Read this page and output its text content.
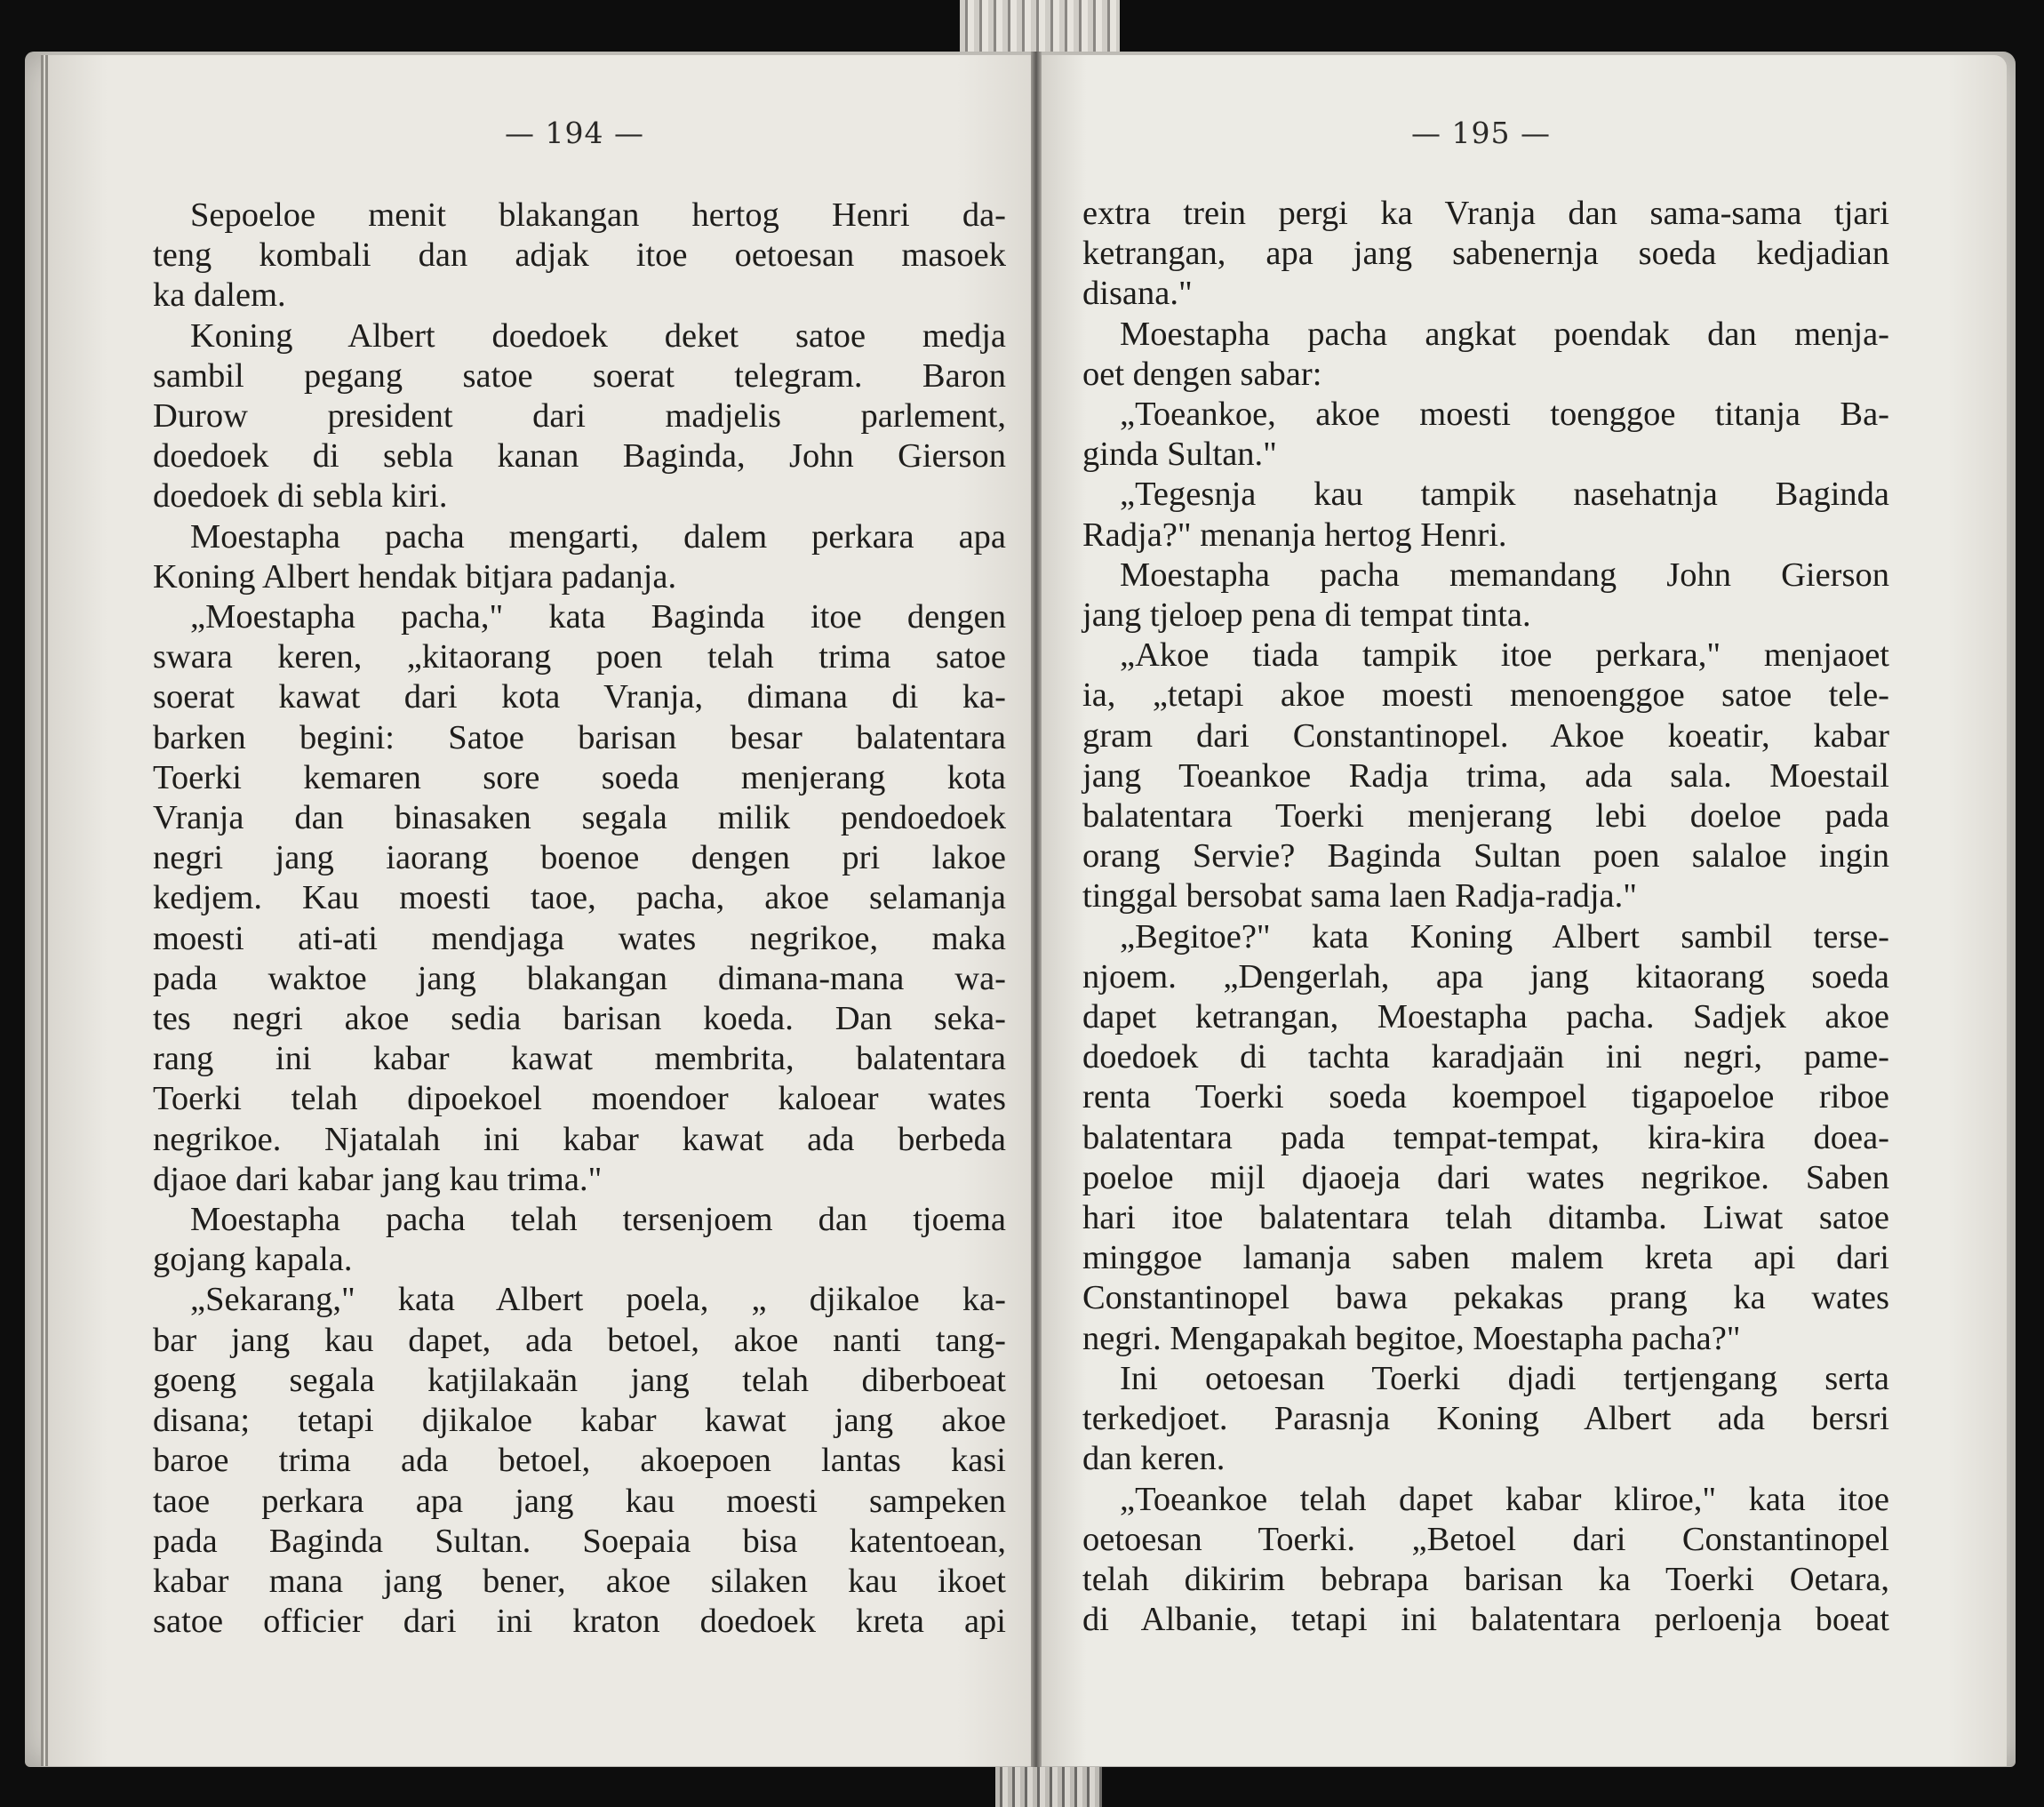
— 194 —	— 195 —
Sepoeloe menit blakangan hertog Henri da-
teng kombali dan adjak itoe oetoesan masoek
ka dalem.
Koning Albert doedoek deket satoe medja
sambil pegang satoe soerat telegram. Baron
Durow president dari madjelis parlement,
doedoek di sebla kanan Baginda, John Gierson
doedoek di sebla kiri.
Moestapha pacha mengarti, dalem perkara apa
Koning Albert hendak bitjara padanja.
„Moestapha pacha," kata Baginda itoe dengen
swara keren, „kitaorang poen telah trima satoe
soerat kawat dari kota Vranja, dimana di ka-
barken begini: Satoe barisan besar balatentara
Toerki kemaren sore soeda menjerang kota
Vranja dan binasaken segala milik pendoedoek
negri jang iaorang boenoe dengen pri lakoe
kedjem. Kau moesti taoe, pacha, akoe selamanja
moesti ati-ati mendjaga wates negrikoe, maka
pada waktoe jang blakangan dimana-mana wa-
tes negri akoe sedia barisan koeda. Dan seka-
rang ini kabar kawat membrita, balatentara
Toerki telah dipoekoel moendoer kaloear wates
negrikoe. Njatalah ini kabar kawat ada berbeda
djaoe dari kabar jang kau trima."
Moestapha pacha telah tersenjoem dan tjoema
gojang kapala.
„Sekarang," kata Albert poela, „ djikaloe ka-
bar jang kau dapet, ada betoel, akoe nanti tang-
goeng segala katjilakaän jang telah diberboeat
disana; tetapi djikaloe kabar kawat jang akoe
baroe trima ada betoel, akoepoen lantas kasi
taoe perkara apa jang kau moesti sampeken
pada Baginda Sultan. Soepaia bisa katentoean,
kabar mana jang bener, akoe silaken kau ikoet
satoe officier dari ini kraton doedoek kreta api
extra trein pergi ka Vranja dan sama-sama tjari
ketrangan, apa jang sabenernja soeda kedjadian
disana."
Moestapha pacha angkat poendak dan menja-
oet dengen sabar:
„Toeankoe, akoe moesti toenggoe titanja Ba-
ginda Sultan."
„Tegesnja kau tampik nasehatnja Baginda
Radja?" menanja hertog Henri.
Moestapha pacha memandang John Gierson
jang tjeloep pena di tempat tinta.
„Akoe tiada tampik itoe perkara," menjaoet
ia, „tetapi akoe moesti menoenggoe satoe tele-
gram dari Constantinopel. Akoe koeatir, kabar
jang Toeankoe Radja trima, ada sala. Moestail
balatentara Toerki menjerang lebi doeloe pada
orang Servie? Baginda Sultan poen salaloe ingin
tinggal bersobat sama laen Radja-radja."
„Begitoe?" kata Koning Albert sambil terse-
njoem. „Dengerlah, apa jang kitaorang soeda
dapet ketrangan, Moestapha pacha. Sadjek akoe
doedoek di tachta karadjaän ini negri, pame-
renta Toerki soeda koempoel tigapoeloe riboe
balatentara pada tempat-tempat, kira-kira doea-
poeloe mijl djaoeja dari wates negrikoe. Saben
hari itoe balatentara telah ditamba. Liwat satoe
minggoe lamanja saben malem kreta api dari
Constantinopel bawa pekakas prang ka wates
negri. Mengapakah begitoe, Moestapha pacha?"
Ini oetoesan Toerki djadi tertjengang serta
terkedjoet. Parasnja Koning Albert ada bersri
dan keren.
„Toeankoe telah dapet kabar kliroe," kata itoe
oetoesan Toerki. „Betoel dari Constantinopel
telah dikirim bebrapa barisan ka Toerki Oetara,
di Albanie, tetapi ini balatentara perloenja boeat
